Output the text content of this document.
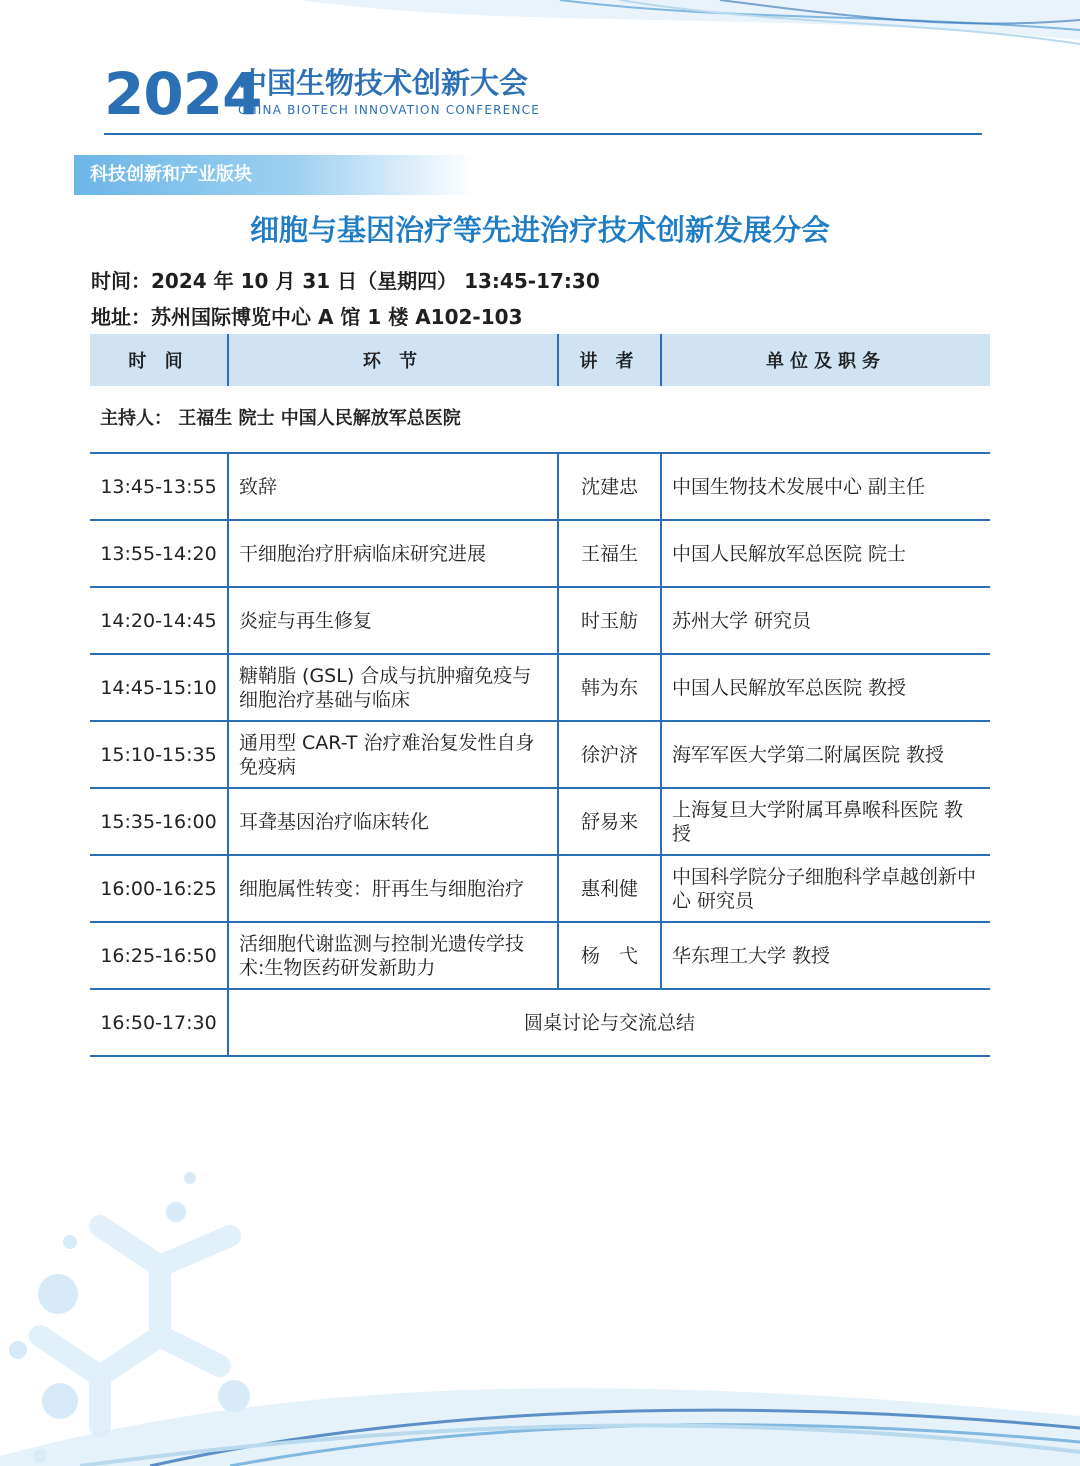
2024
中国生物技术创新大会
CHINA BIOTECH INNOVATION CONFERENCE
科技创新和产业版块
细胞与基因治疗等先进治疗技术创新发展分会
时间：2024 年 10 月 31 日（星期四） 13:45-17:30
地址：苏州国际博览中心 A 馆 1 楼 A102-103
时 间	环 节	讲 者	单位及职务
主持人： 王福生 院士 中国人民解放军总医院			
13:45-13:55	致辞	沈建忠	中国生物技术发展中心 副主任
13:55-14:20	干细胞治疗肝病临床研究进展	王福生	中国人民解放军总医院 院士
14:20-14:45	炎症与再生修复	时玉舫	苏州大学 研究员
14:45-15:10	糖鞘脂 (GSL) 合成与抗肿瘤免疫与细胞治疗基础与临床	韩为东	中国人民解放军总医院 教授
15:10-15:35	通用型 CAR-T 治疗难治复发性自身免疫病	徐沪济	海军军医大学第二附属医院 教授
15:35-16:00	耳聋基因治疗临床转化	舒易来	上海复旦大学附属耳鼻喉科医院 教授
16:00-16:25	细胞属性转变：肝再生与细胞治疗	惠利健	中国科学院分子细胞科学卓越创新中心 研究员
16:25-16:50	活细胞代谢监测与控制光遗传学技术:生物医药研发新助力	杨　弋	华东理工大学 教授
16:50-17:30	圆桌讨论与交流总结		
